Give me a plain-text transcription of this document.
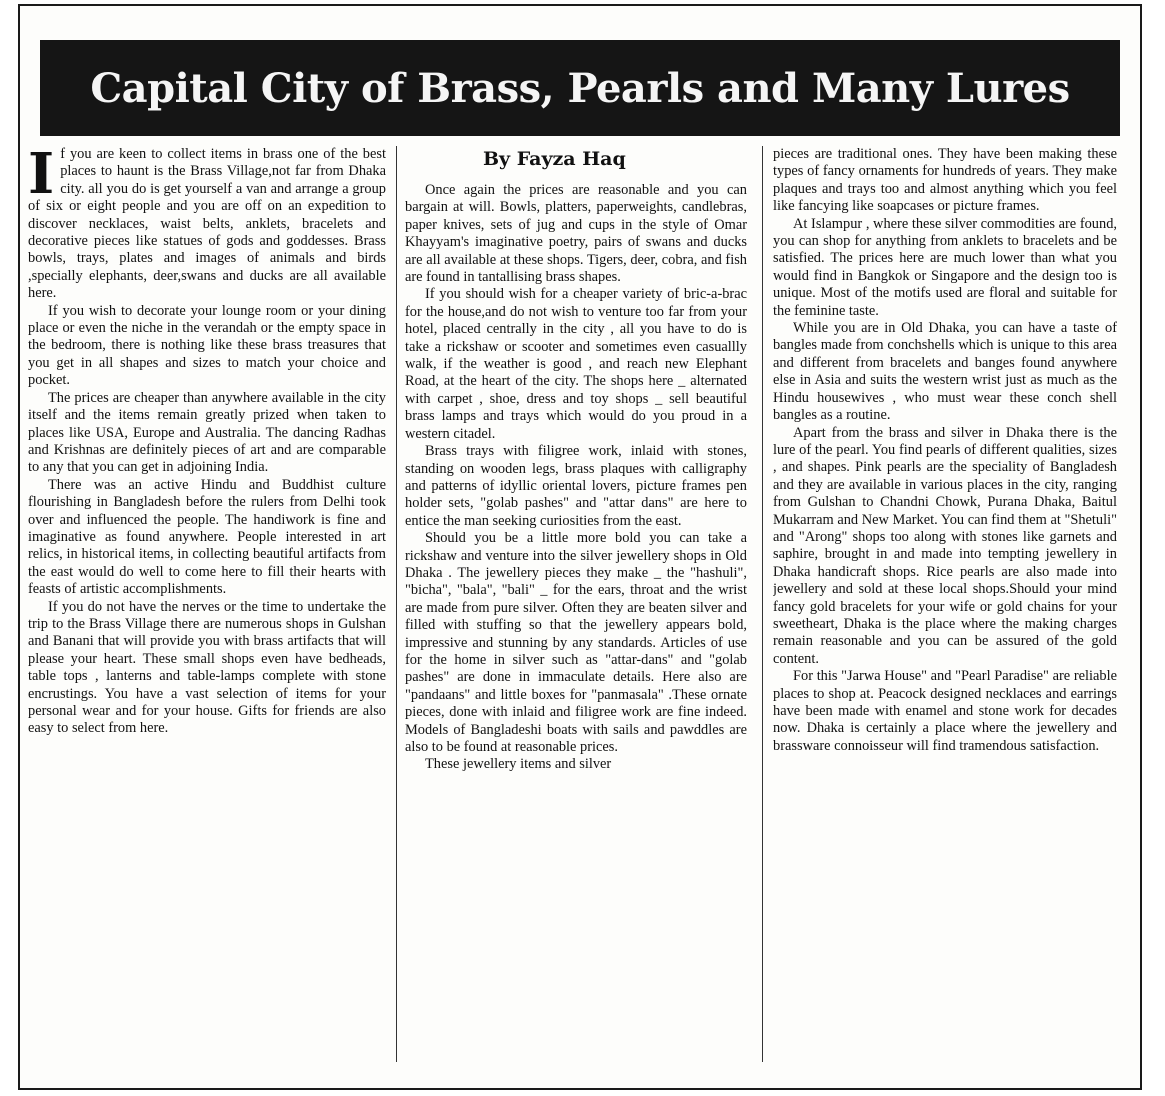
Capital City of Brass, Pearls and Many Lures
I f you are keen to collect items in brass one of the best places to haunt is the Brass Village,not far from Dhaka city. all you do is get yourself a van and arrange a group of six or eight people and you are off on an expedition to discover necklaces, waist belts, anklets, bracelets and decorative pieces like statues of gods and goddesses. Brass bowls, trays, plates and images of animals and birds ,specially elephants, deer,swans and ducks are all available here.

If you wish to decorate your lounge room or your dining place or even the niche in the verandah or the empty space in the bedroom, there is nothing like these brass treasures that you get in all shapes and sizes to match your choice and pocket.

The prices are cheaper than anywhere available in the city itself and the items remain greatly prized when taken to places like USA, Europe and Australia. The dancing Radhas and Krishnas are definitely pieces of art and are comparable to any that you can get in adjoining India.

There was an active Hindu and Buddhist culture flourishing in Bangladesh before the rulers from Delhi took over and influenced the people. The handiwork is fine and imaginative as found anywhere. People interested in art relics, in historical items, in collecting beautiful artifacts from the east would do well to come here to fill their hearts with feasts of artistic accomplishments.

If you do not have the nerves or the time to undertake the trip to the Brass Village there are numerous shops in Gulshan and Banani that will provide you with brass artifacts that will please your heart. These small shops even have bedheads, table tops , lanterns and table-lamps complete with stone encrustings. You have a vast selection of items for your personal wear and for your house. Gifts for friends are also easy to select from here.

By Fayza Haq

Once again the prices are reasonable and you can bargain at will. Bowls, platters, paperweights, candlebras, paper knives, sets of jug and cups in the style of Omar Khayyam's imaginative poetry, pairs of swans and ducks are all available at these shops. Tigers, deer, cobra, and fish are found in tantallising brass shapes.

If you should wish for a cheaper variety of bric-a-brac for the house,and do not wish to venture too far from your hotel, placed centrally in the city , all you have to do is take a rickshaw or scooter and sometimes even casuallly walk, if the weather is good , and reach new Elephant Road, at the heart of the city. The shops here _ alternated with carpet , shoe, dress and toy shops _ sell beautiful brass lamps and trays which would do you proud in a western citadel.

Brass trays with filigree work, inlaid with stones, standing on wooden legs, brass plaques with calligraphy and patterns of idyllic oriental lovers, picture frames pen holder sets, "golab pashes" and "attar dans" are here to entice the man seeking curiosities from the east.

Should you be a little more bold you can take a rickshaw and venture into the silver jewellery shops in Old Dhaka . The jewellery pieces they make _ the "hashuli", "bicha", "bala", "bali" _ for the ears, throat and the wrist are made from pure silver. Often they are beaten silver and filled with stuffing so that the jewellery appears bold, impressive and stunning by any standards. Articles of use for the home in silver such as "attar-dans" and "golab pashes" are done in immaculate details. Here also are "pandaans" and little boxes for "panmasala" .These ornate pieces, done with inlaid and filigree work are fine indeed. Models of Bangladeshi boats with sails and pawddles are also to be found at reasonable prices.

These jewellery items and silver

pieces are traditional ones. They have been making these types of fancy ornaments for hundreds of years. They make plaques and trays too and almost anything which you feel like fancying like soapcases or picture frames.

At Islampur , where these silver commodities are found, you can shop for anything from anklets to bracelets and be satisfied. The prices here are much lower than what you would find in Bangkok or Singapore and the design too is unique. Most of the motifs used are floral and suitable for the feminine taste.

While you are in Old Dhaka, you can have a taste of bangles made from conchshells which is unique to this area and different from bracelets and banges found anywhere else in Asia and suits the western wrist just as much as the Hindu housewives , who must wear these conch shell bangles as a routine.

Apart from the brass and silver in Dhaka there is the lure of the pearl. You find pearls of different qualities, sizes , and shapes. Pink pearls are the speciality of Bangladesh and they are available in various places in the city, ranging from Gulshan to Chandni Chowk, Purana Dhaka, Baitul Mukarram and New Market. You can find them at "Shetuli" and "Arong" shops too along with stones like garnets and saphire, brought in and made into tempting jewellery in Dhaka handicraft shops. Rice pearls are also made into jewellery and sold at these local shops.Should your mind fancy gold bracelets for your wife or gold chains for your sweetheart, Dhaka is the place where the making charges remain reasonable and you can be assured of the gold content.

For this "Jarwa House" and "Pearl Paradise" are reliable places to shop at. Peacock designed necklaces and earrings have been made with enamel and stone work for decades now. Dhaka is certainly a place where the jewellery and brassware connoisseur will find tramendous satisfaction.
